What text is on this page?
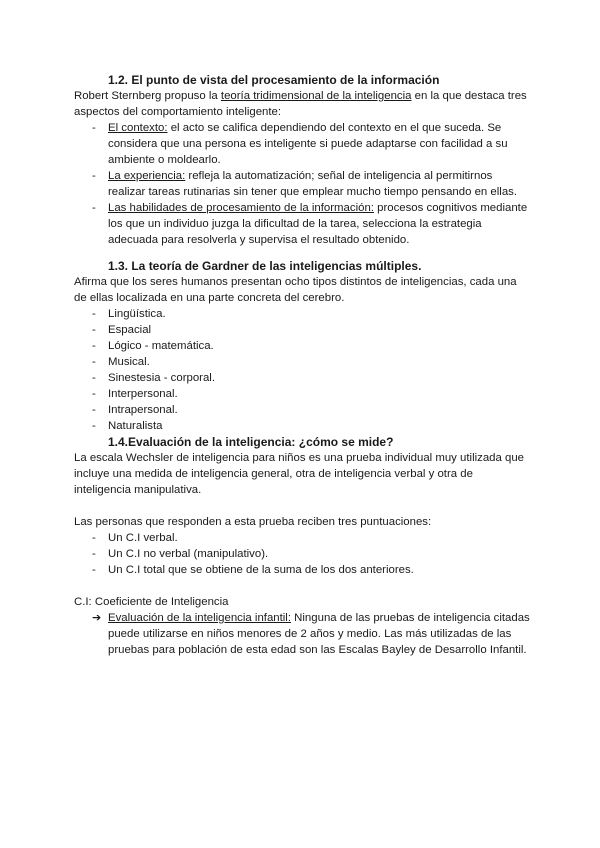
1.2. El punto de vista del procesamiento de la información

Robert Sternberg propuso la teoría tridimensional de la inteligencia en la que destaca tres aspectos del comportamiento inteligente:

- El contexto: el acto se califica dependiendo del contexto en el que suceda. Se considera que una persona es inteligente si puede adaptarse con facilidad a su ambiente o moldearlo.
- La experiencia: refleja la automatización; señal de inteligencia al permitirnos realizar tareas rutinarias sin tener que emplear mucho tiempo pensando en ellas.
- Las habilidades de procesamiento de la información: procesos cognitivos mediante los que un individuo juzga la dificultad de la tarea, selecciona la estrategia adecuada para resolverla y supervisa el resultado obtenido.
1.3. La teoría de Gardner de las inteligencias múltiples.

Afirma que los seres humanos presentan ocho tipos distintos de inteligencias, cada una de ellas localizada en una parte concreta del cerebro.

- Lingüística.
- Espacial
- Lógico - matemática.
- Musical.
- Sinestesia - corporal.
- Interpersonal.
- Intrapersonal.
- Naturalista
1.4.Evaluación de la inteligencia: ¿cómo se mide?

La escala Wechsler de inteligencia para niños es una prueba individual muy utilizada que incluye una medida de inteligencia general, otra de inteligencia verbal y otra de inteligencia manipulativa.

Las personas que responden a esta prueba reciben tres puntuaciones:

- Un C.I verbal.
- Un C.I no verbal (manipulativo).
- Un C.I total que se obtiene de la suma de los dos anteriores.

C.I: Coeficiente de Inteligencia

➔ Evaluación de la inteligencia infantil: Ninguna de las pruebas de inteligencia citadas puede utilizarse en niños menores de 2 años y medio. Las más utilizadas de las pruebas para población de esta edad son las Escalas Bayley de Desarrollo Infantil.
